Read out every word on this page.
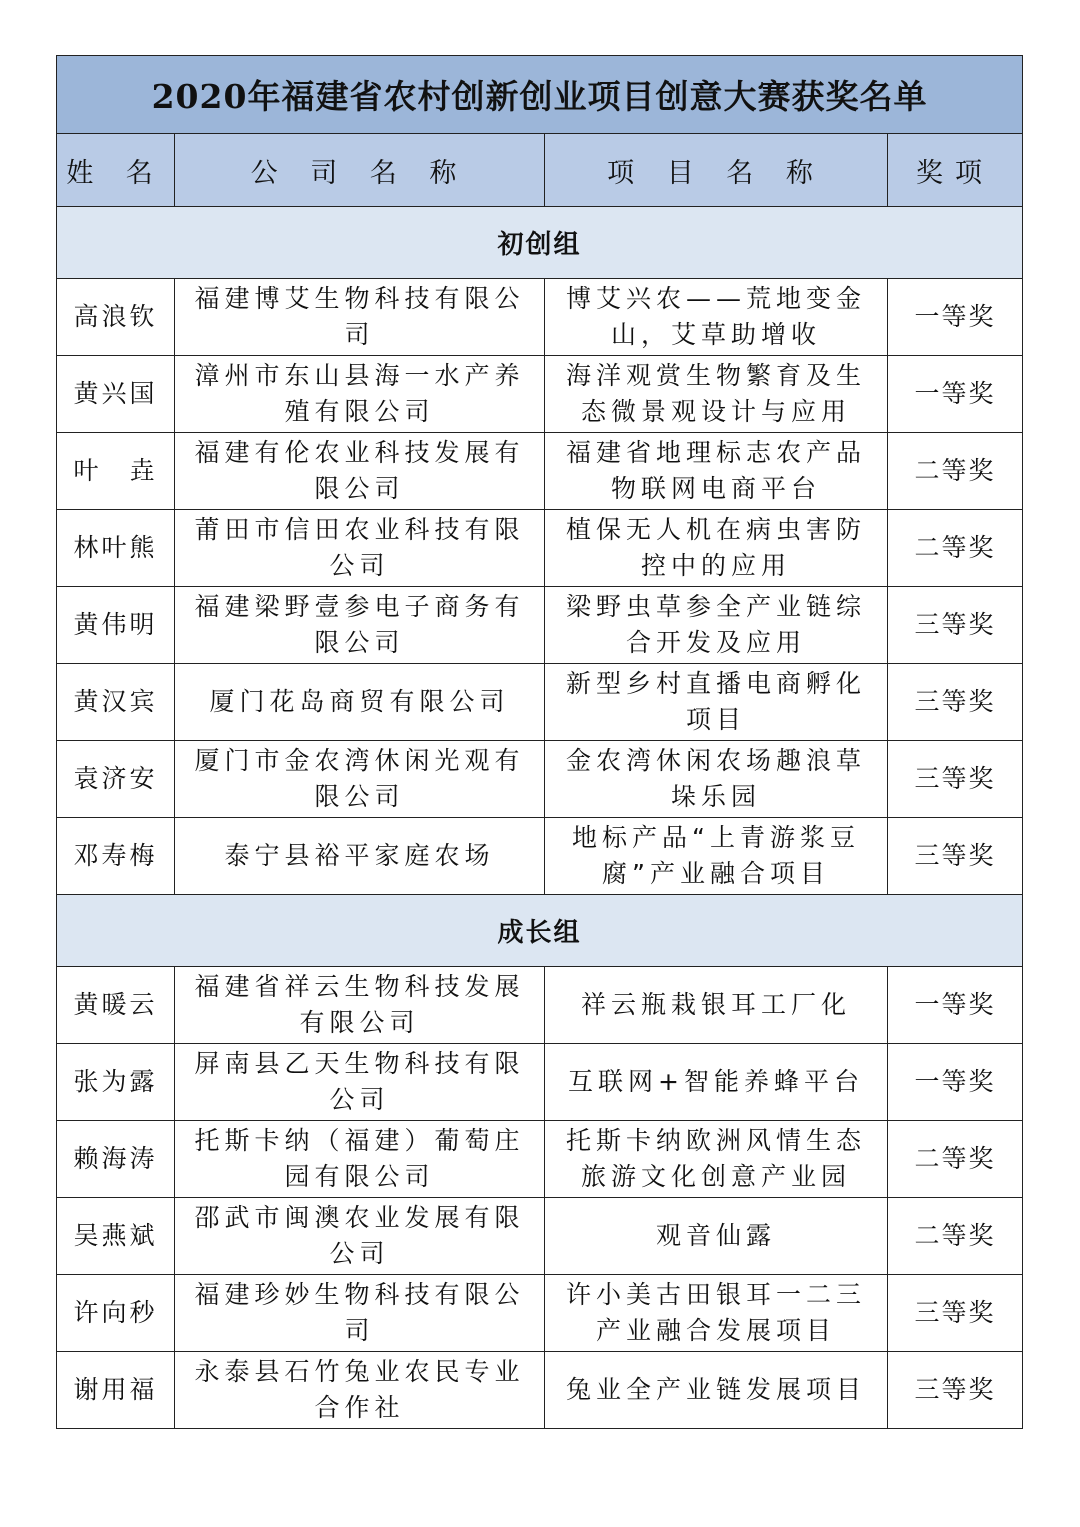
2020年福建省农村创新创业项目创意大赛获奖名单			
姓 名	公 司 名 称	项 目 名 称	奖项
初创组			
高浪钦	福建博艾生物科技有限公司	博艾兴农——荒地变金山，艾草助增收	一等奖
黄兴国	漳州市东山县海一水产养殖有限公司	海洋观赏生物繁育及生态微景观设计与应用	一等奖
叶　垚	福建有伦农业科技发展有限公司	福建省地理标志农产品物联网电商平台	二等奖
林叶熊	莆田市信田农业科技有限公司	植保无人机在病虫害防控中的应用	二等奖
黄伟明	福建梁野壹参电子商务有限公司	梁野虫草参全产业链综合开发及应用	三等奖
黄汉宾	厦门花岛商贸有限公司	新型乡村直播电商孵化项目	三等奖
袁济安	厦门市金农湾休闲光观有限公司	金农湾休闲农场趣浪草垛乐园	三等奖
邓寿梅	泰宁县裕平家庭农场	地标产品“上青游浆豆腐”产业融合项目	三等奖
成长组			
黄暖云	福建省祥云生物科技发展有限公司	祥云瓶栽银耳工厂化	一等奖
张为露	屏南县乙天生物科技有限公司	互联网+智能养蜂平台	一等奖
赖海涛	托斯卡纳（福建）葡萄庄园有限公司	托斯卡纳欧洲风情生态旅游文化创意产业园	二等奖
吴燕斌	邵武市闽澳农业发展有限公司	观音仙露	二等奖
许向秒	福建珍妙生物科技有限公司	许小美古田银耳一二三产业融合发展项目	三等奖
谢用福	永泰县石竹兔业农民专业合作社	兔业全产业链发展项目	三等奖
